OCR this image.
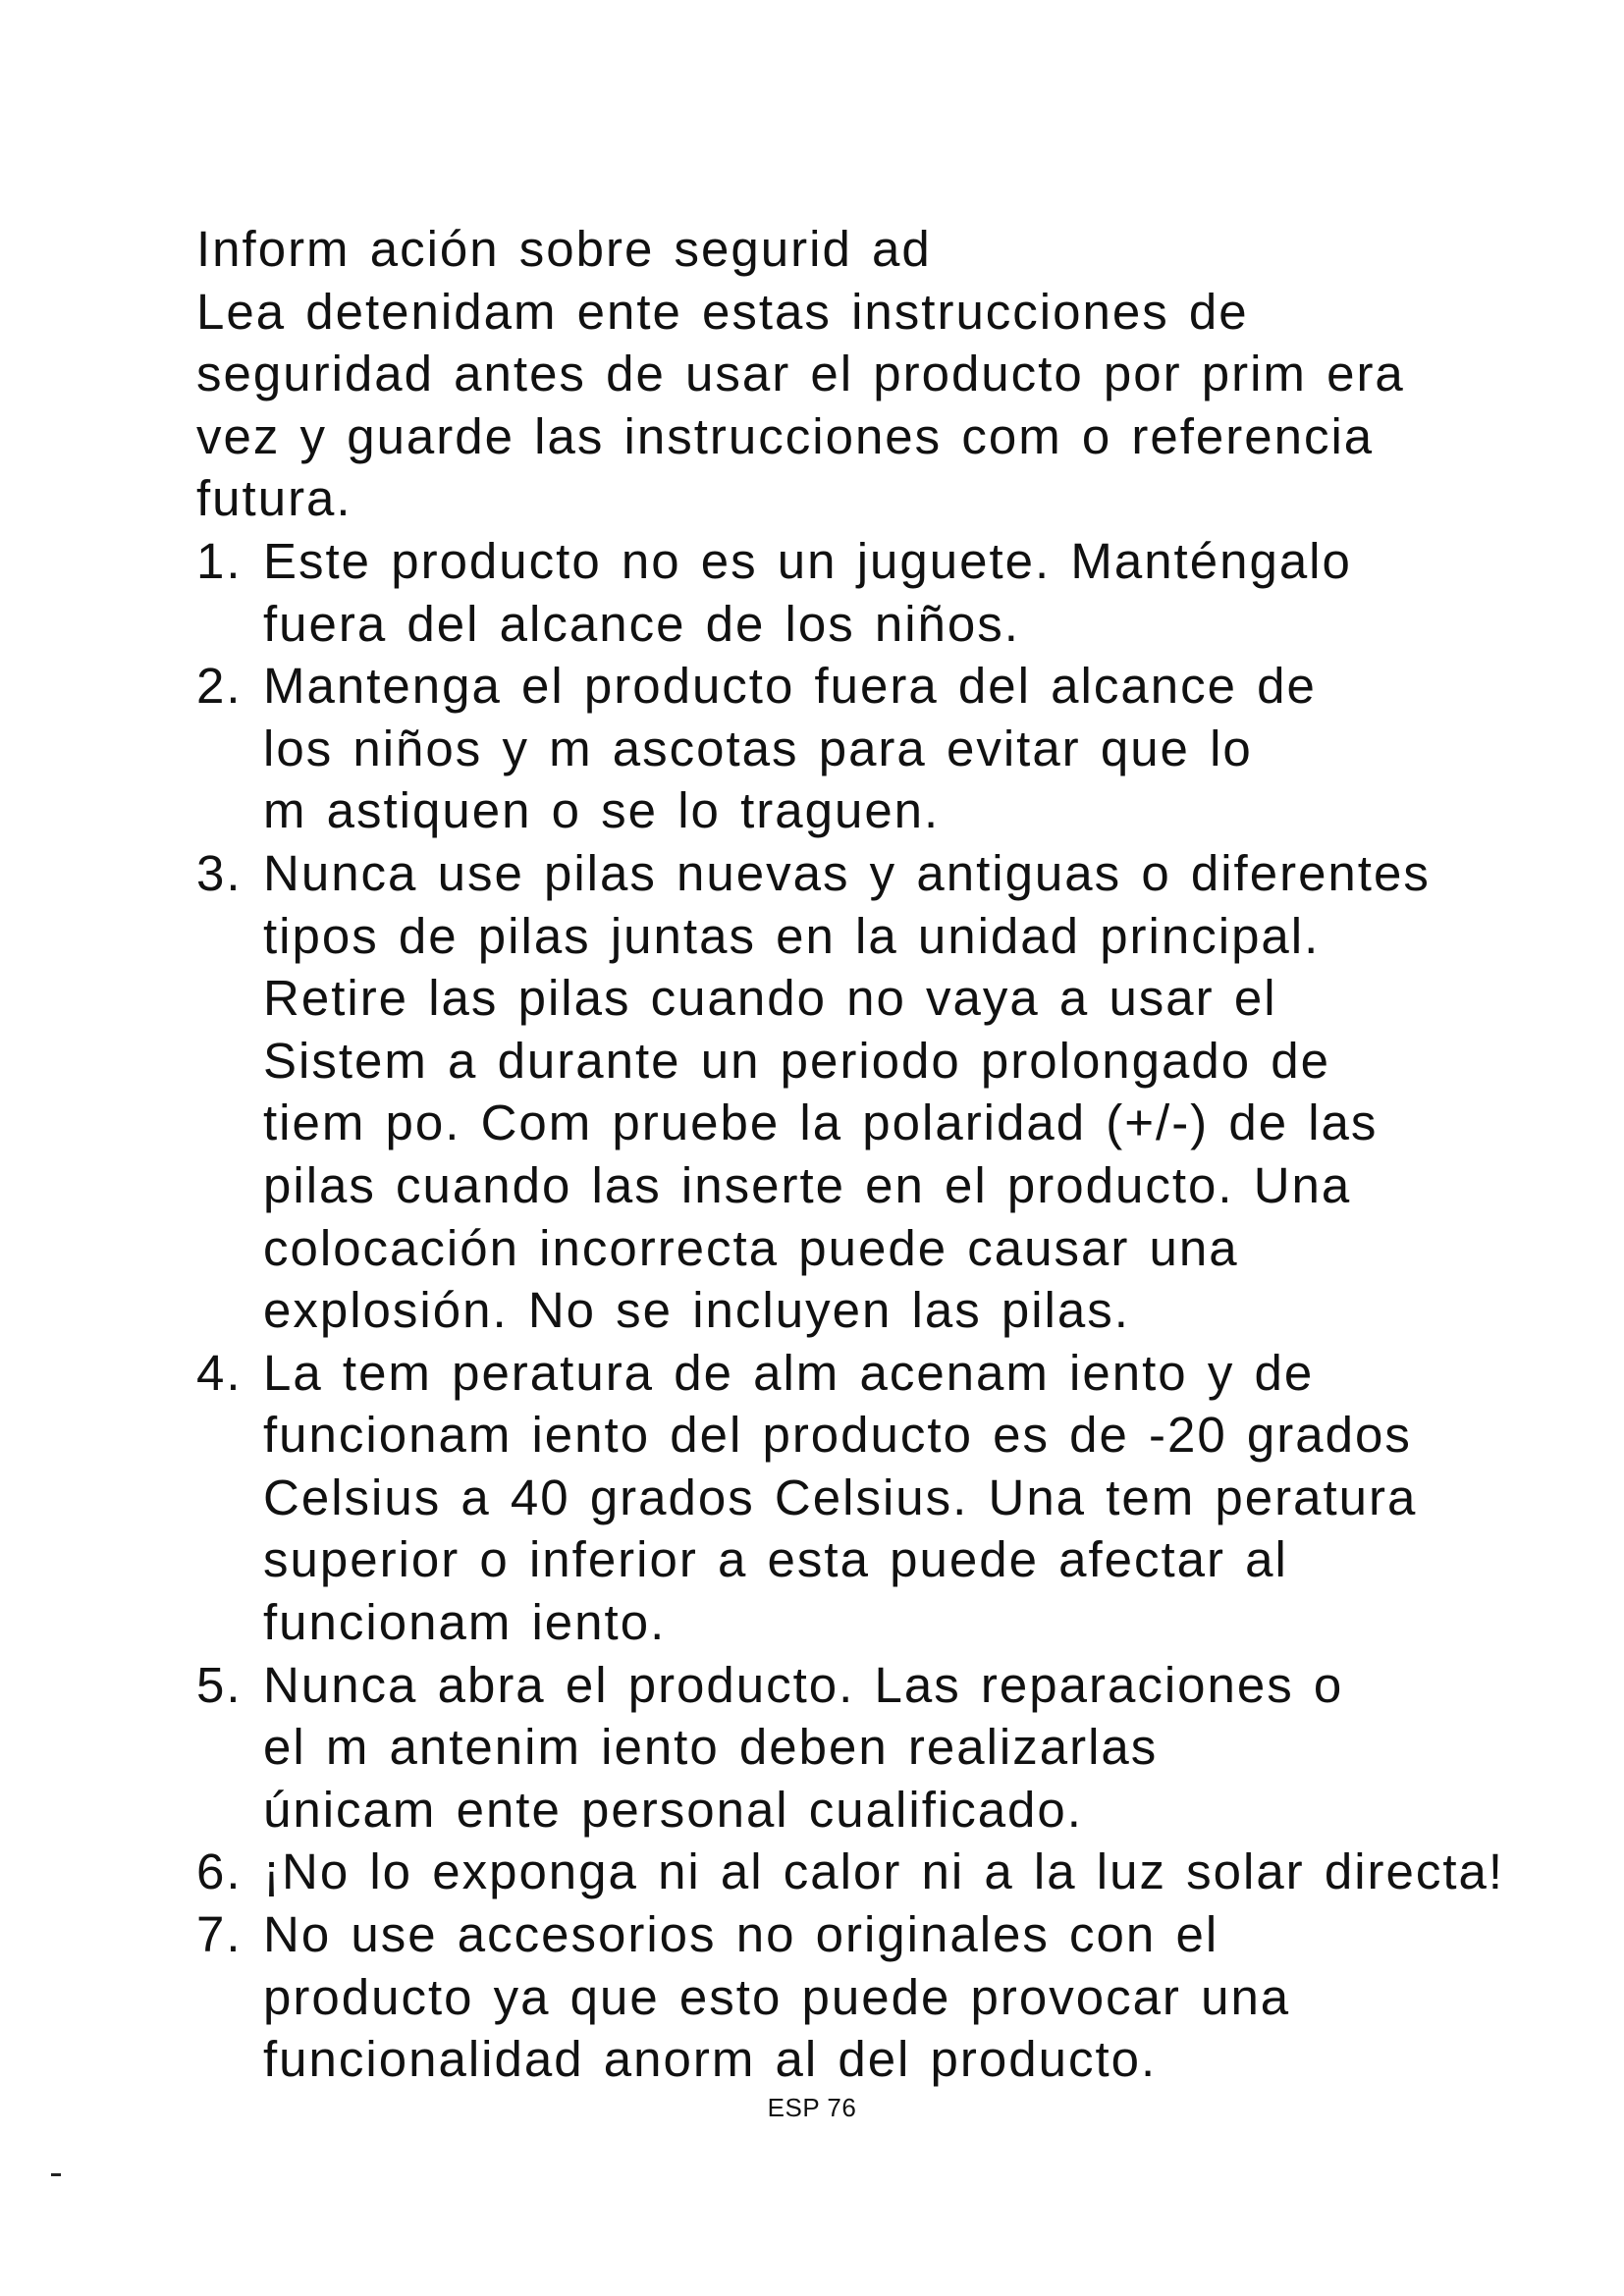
Inform ación sobre segurid ad

Lea detenidam ente estas instrucciones de

seguridad antes de usar el producto por prim era

vez y guarde las instrucciones com o referencia

futura.

1. Este producto no es un juguete. Manténgalo

fuera del alcance de los niños.

2. Mantenga el producto fuera del alcance de

los niños y m ascotas para evitar que lo

m astiquen o se lo traguen.

3. Nunca use pilas nuevas y antiguas o diferentes

tipos de pilas juntas en la unidad principal.

Retire las pilas cuando no vaya a usar el

Sistem a durante un periodo prolongado de

tiem po. Com pruebe la polaridad (+/-) de las

pilas cuando las inserte en el producto. Una

colocación incorrecta puede causar una

explosión. No se incluyen las pilas.

4. La tem peratura de alm acenam iento y de

funcionam iento del producto es de -20 grados

Celsius a 40 grados Celsius. Una tem peratura

superior o inferior a esta puede afectar al

funcionam iento.

5. Nunca abra el producto. Las reparaciones o

el m antenim iento deben realizarlas

únicam ente personal cualificado.

6. ¡No lo exponga ni al calor ni a la luz solar directa!

7. No use accesorios no originales con el

producto ya que esto puede provocar una

funcionalidad anorm al del producto.

ESP 76
